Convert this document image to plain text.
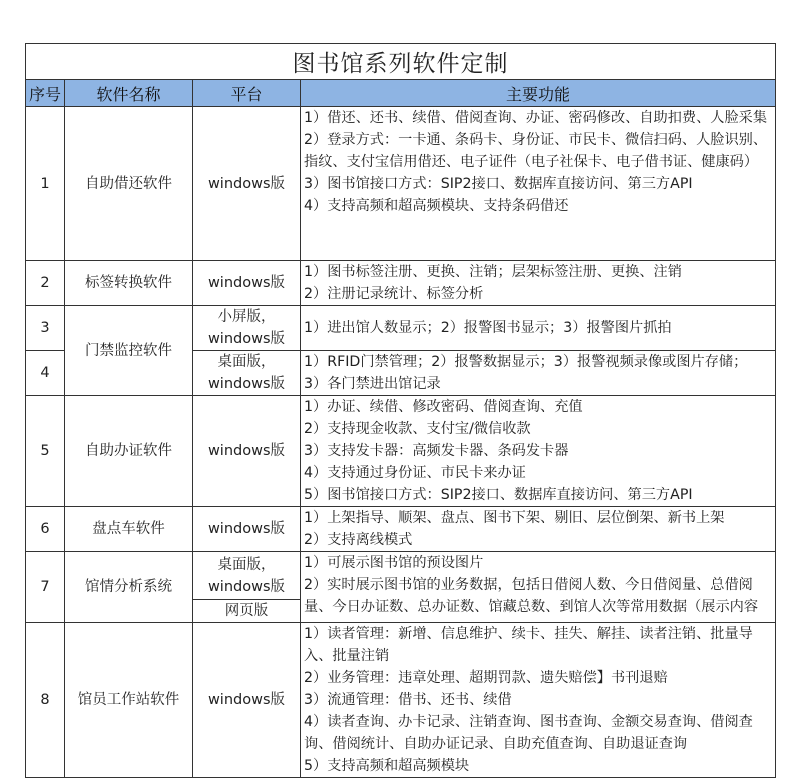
图书馆系列软件定制			
序号	软件名称	平台	主要功能
1	自助借还软件	windows版	1）借还、还书、续借、借阅查询、办证、密码修改、自助扣费、人脸采集
2）登录方式：一卡通、条码卡、身份证、市民卡、微信扫码、人脸识别、指纹、支付宝信用借还、电子证件（电子社保卡、电子借书证、健康码）
3）图书馆接口方式：SIP2接口、数据库直接访问、第三方API
4）支持高频和超高频模块、支持条码借还

2	标签转换软件	windows版	1）图书标签注册、更换、注销；层架标签注册、更换、注销
2）注册记录统计、标签分析

3	门禁监控软件	小屏版，windows版	1）进出馆人数显示；2）报警图书显示；3）报警图片抓拍

4		桌面版，windows版	1）RFID门禁管理；2）报警数据显示；3）报警视频录像或图片存储；
3）各门禁进出馆记录

5	自助办证软件	windows版	1）办证、续借、修改密码、借阅查询、充值
2）支持现金收款、支付宝/微信收款
3）支持发卡器：高频发卡器、条码发卡器
4）支持通过身份证、市民卡来办证
5）图书馆接口方式：SIP2接口、数据库直接访问、第三方API

6	盘点车软件	windows版	1）上架指导、顺架、盘点、图书下架、剔旧、层位倒架、新书上架
2）支持离线模式

7	馆情分析系统	桌面版，windows版	1）可展示图书馆的预设图片
2）实时展示图书馆的业务数据，包括日借阅人数、今日借阅量、总借阅量、今日办证数、总办证数、馆藏总数、到馆人次等常用数据（展示内容

		网页版	
8	馆员工作站软件	windows版	1）读者管理：新增、信息维护、续卡、挂失、解挂、读者注销、批量导入、批量注销
2）业务管理：违章处理、超期罚款、遗失赔偿】书刊退赔
3）流通管理：借书、还书、续借
4）读者查询、办卡记录、注销查询、图书查询、金额交易查询、借阅查询、借阅统计、自助办证记录、自助充值查询、自助退证查询
5）支持高频和超高频模块
